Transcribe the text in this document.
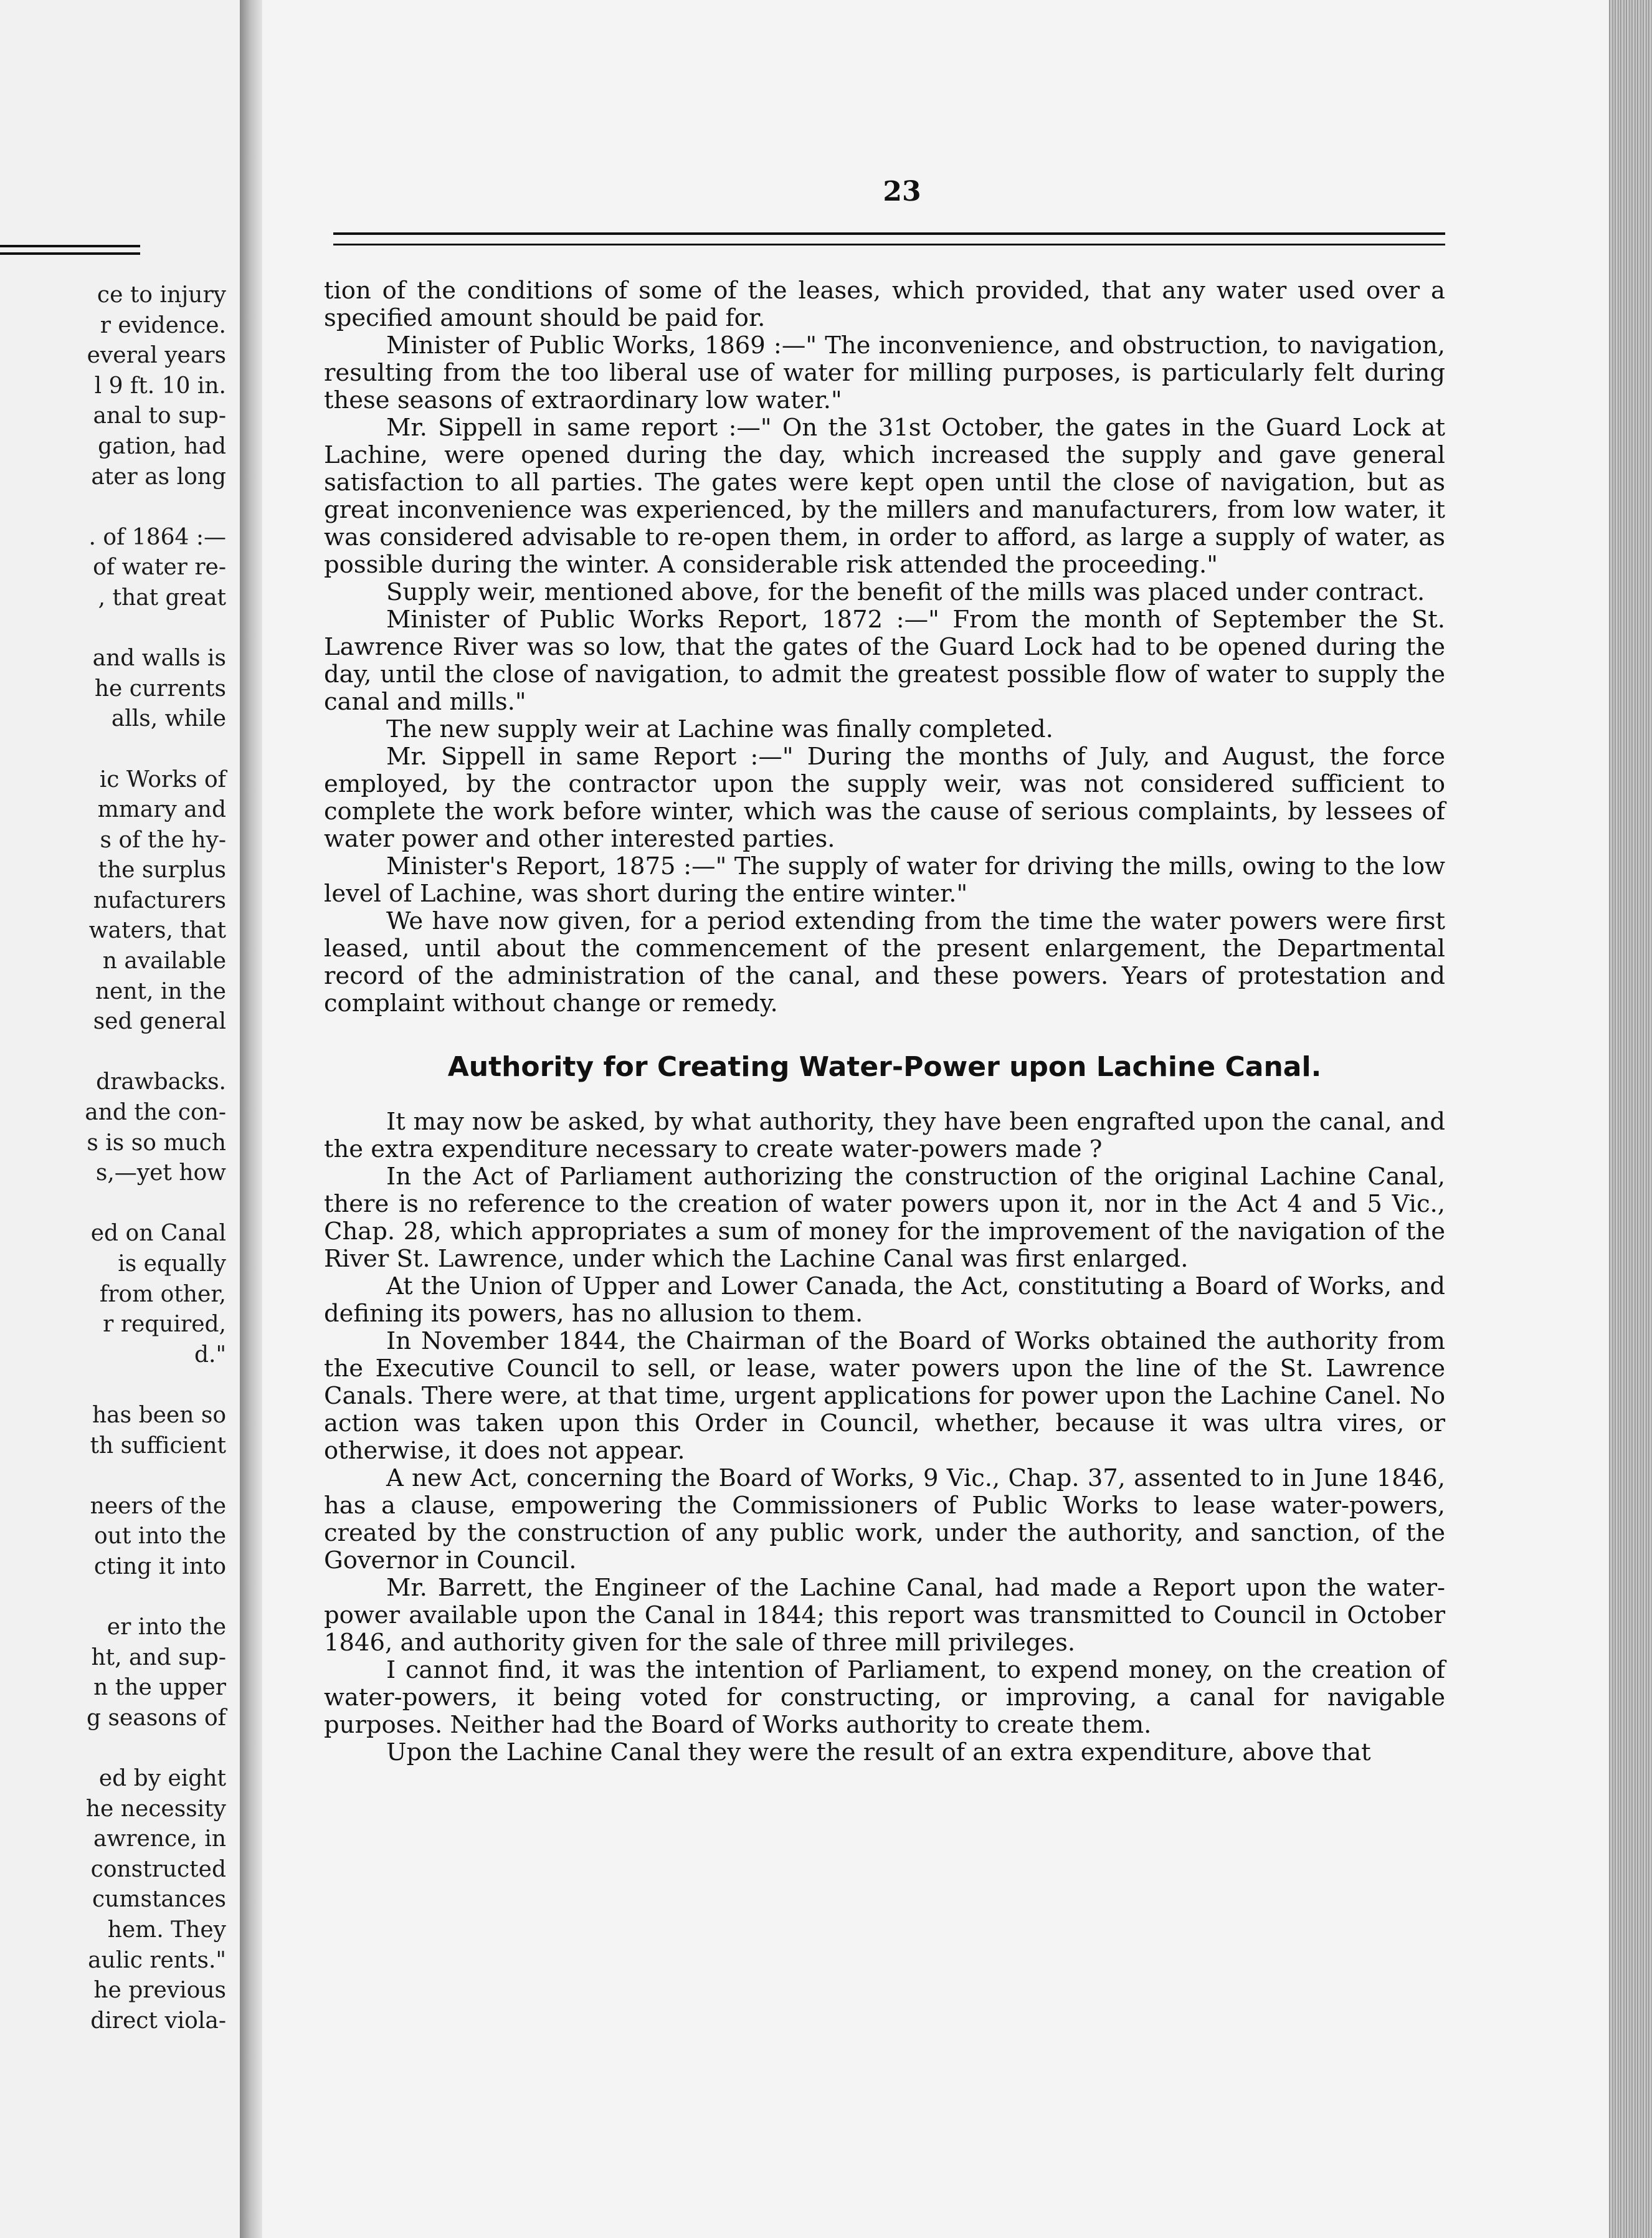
ce to injury
r evidence.
everal years
l 9 ft. 10 in.
anal to sup-
gation, had
ater as long

. of 1864 :—
of water re-
, that great

and walls is
he currents
alls, while

ic Works of
mmary and
s of the hy-
the surplus
nufacturers
waters, that
n available
nent, in the
sed general

drawbacks.
and the con-
s is so much
s,—yet how

ed on Canal
is equally
from other,
r required,
d."

has been so
th sufficient

neers of the
out into the
cting it into

er into the
ht, and sup-
n the upper
g seasons of

ed by eight
he necessity
awrence, in
constructed
cumstances
hem. They
aulic rents."
he previous
direct viola-
23

tion of the conditions of some of the leases, which provided, that any water used over a specified amount should be paid for.

Minister of Public Works, 1869 :—" The inconvenience, and obstruction, to navigation, resulting from the too liberal use of water for milling purposes, is particularly felt during these seasons of extraordinary low water."

Mr. Sippell in same report :—" On the 31st October, the gates in the Guard Lock at Lachine, were opened during the day, which increased the supply and gave general satisfaction to all parties. The gates were kept open until the close of navigation, but as great inconvenience was experienced, by the millers and manufacturers, from low water, it was considered advisable to re-open them, in order to afford, as large a supply of water, as possible during the winter. A considerable risk attended the proceeding."

Supply weir, mentioned above, for the benefit of the mills was placed under contract.

Minister of Public Works Report, 1872 :—" From the month of September the St. Lawrence River was so low, that the gates of the Guard Lock had to be opened during the day, until the close of navigation, to admit the greatest possible flow of water to supply the canal and mills."

The new supply weir at Lachine was finally completed.

Mr. Sippell in same Report :—" During the months of July, and August, the force employed, by the contractor upon the supply weir, was not considered sufficient to complete the work before winter, which was the cause of serious complaints, by lessees of water power and other interested parties.

Minister's Report, 1875 :—" The supply of water for driving the mills, owing to the low level of Lachine, was short during the entire winter."

We have now given, for a period extending from the time the water powers were first leased, until about the commencement of the present enlargement, the Departmental record of the administration of the canal, and these powers. Years of protestation and complaint without change or remedy.

Authority for Creating Water-Power upon Lachine Canal.

It may now be asked, by what authority, they have been engrafted upon the canal, and the extra expenditure necessary to create water-powers made ?

In the Act of Parliament authorizing the construction of the original Lachine Canal, there is no reference to the creation of water powers upon it, nor in the Act 4 and 5 Vic., Chap. 28, which appropriates a sum of money for the improvement of the navigation of the River St. Lawrence, under which the Lachine Canal was first enlarged.

At the Union of Upper and Lower Canada, the Act, constituting a Board of Works, and defining its powers, has no allusion to them.

In November 1844, the Chairman of the Board of Works obtained the authority from the Executive Council to sell, or lease, water powers upon the line of the St. Lawrence Canals. There were, at that time, urgent applications for power upon the Lachine Canel. No action was taken upon this Order in Council, whether, because it was ultra vires, or otherwise, it does not appear.

A new Act, concerning the Board of Works, 9 Vic., Chap. 37, assented to in June 1846, has a clause, empowering the Commissioners of Public Works to lease water-powers, created by the construction of any public work, under the authority, and sanction, of the Governor in Council.

Mr. Barrett, the Engineer of the Lachine Canal, had made a Report upon the water-power available upon the Canal in 1844; this report was transmitted to Council in October 1846, and authority given for the sale of three mill privileges.

I cannot find, it was the intention of Parliament, to expend money, on the creation of water-powers, it being voted for constructing, or improving, a canal for navigable purposes. Neither had the Board of Works authority to create them.

Upon the Lachine Canal they were the result of an extra expenditure, above that
